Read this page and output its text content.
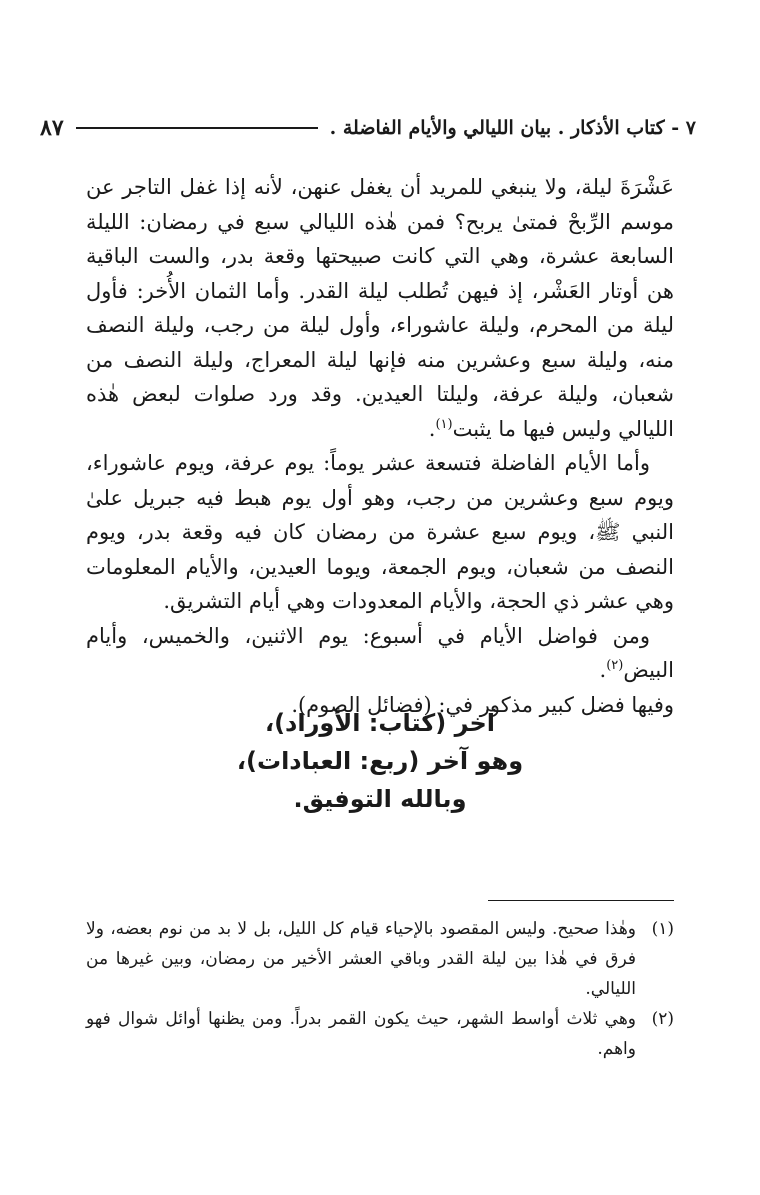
٧ - كتاب الأذكار . بيان الليالي والأيام الفاضلة .
٨٧

عَشْرَةَ ليلة، ولا ينبغي للمريد أن يغفل عنهن، لأنه إذا غفل التاجر عن موسم الرِّبحْ فمتىٰ يربح؟ فمن هٰذه الليالي سبع في رمضان: الليلة السابعة عشرة، وهي التي كانت صبيحتها وقعة بدر، والست الباقية هن أوتار العَشْر، إذ فيهن تُطلب ليلة القدر. وأما الثمان الأُخر: فأول ليلة من المحرم، وليلة عاشوراء، وأول ليلة من رجب، وليلة النصف منه، وليلة سبع وعشرين منه فإنها ليلة المعراج، وليلة النصف من شعبان، وليلة عرفة، وليلتا العيدين. وقد ورد صلوات لبعض هٰذه الليالي وليس فيها ما يثبت$^{(١)}$.

وأما الأيام الفاضلة فتسعة عشر يوماً: يوم عرفة، ويوم عاشوراء، ويوم سبع وعشرين من رجب، وهو أول يوم هبط فيه جبريل علىٰ النبي ﷺ، ويوم سبع عشرة من رمضان كان فيه وقعة بدر، ويوم النصف من شعبان، ويوم الجمعة، ويوما العيدين، والأيام المعلومات وهي عشر ذي الحجة، والأيام المعدودات وهي أيام التشريق.

ومن فواضل الأيام في أسبوع: يوم الاثنين، والخميس، وأيام البيض$^{(٢)}$.
وفيها فضل كبير مذكور في: (فضائل الصوم).

آخر (كتاب: الأوراد)،
وهو آخر (ربع: العبادات)،
وبالله التوفيق.
(١)
وهٰذا صحيح. وليس المقصود بالإحياء قيام كل الليل، بل لا بد من نوم بعضه، ولا فرق في هٰذا بين ليلة القدر وباقي العشر الأخير من رمضان، وبين غيرها من الليالي.
(٢)
وهي ثلاث أواسط الشهر، حيث يكون القمر بدراً. ومن يظنها أوائل شوال فهو واهم.
